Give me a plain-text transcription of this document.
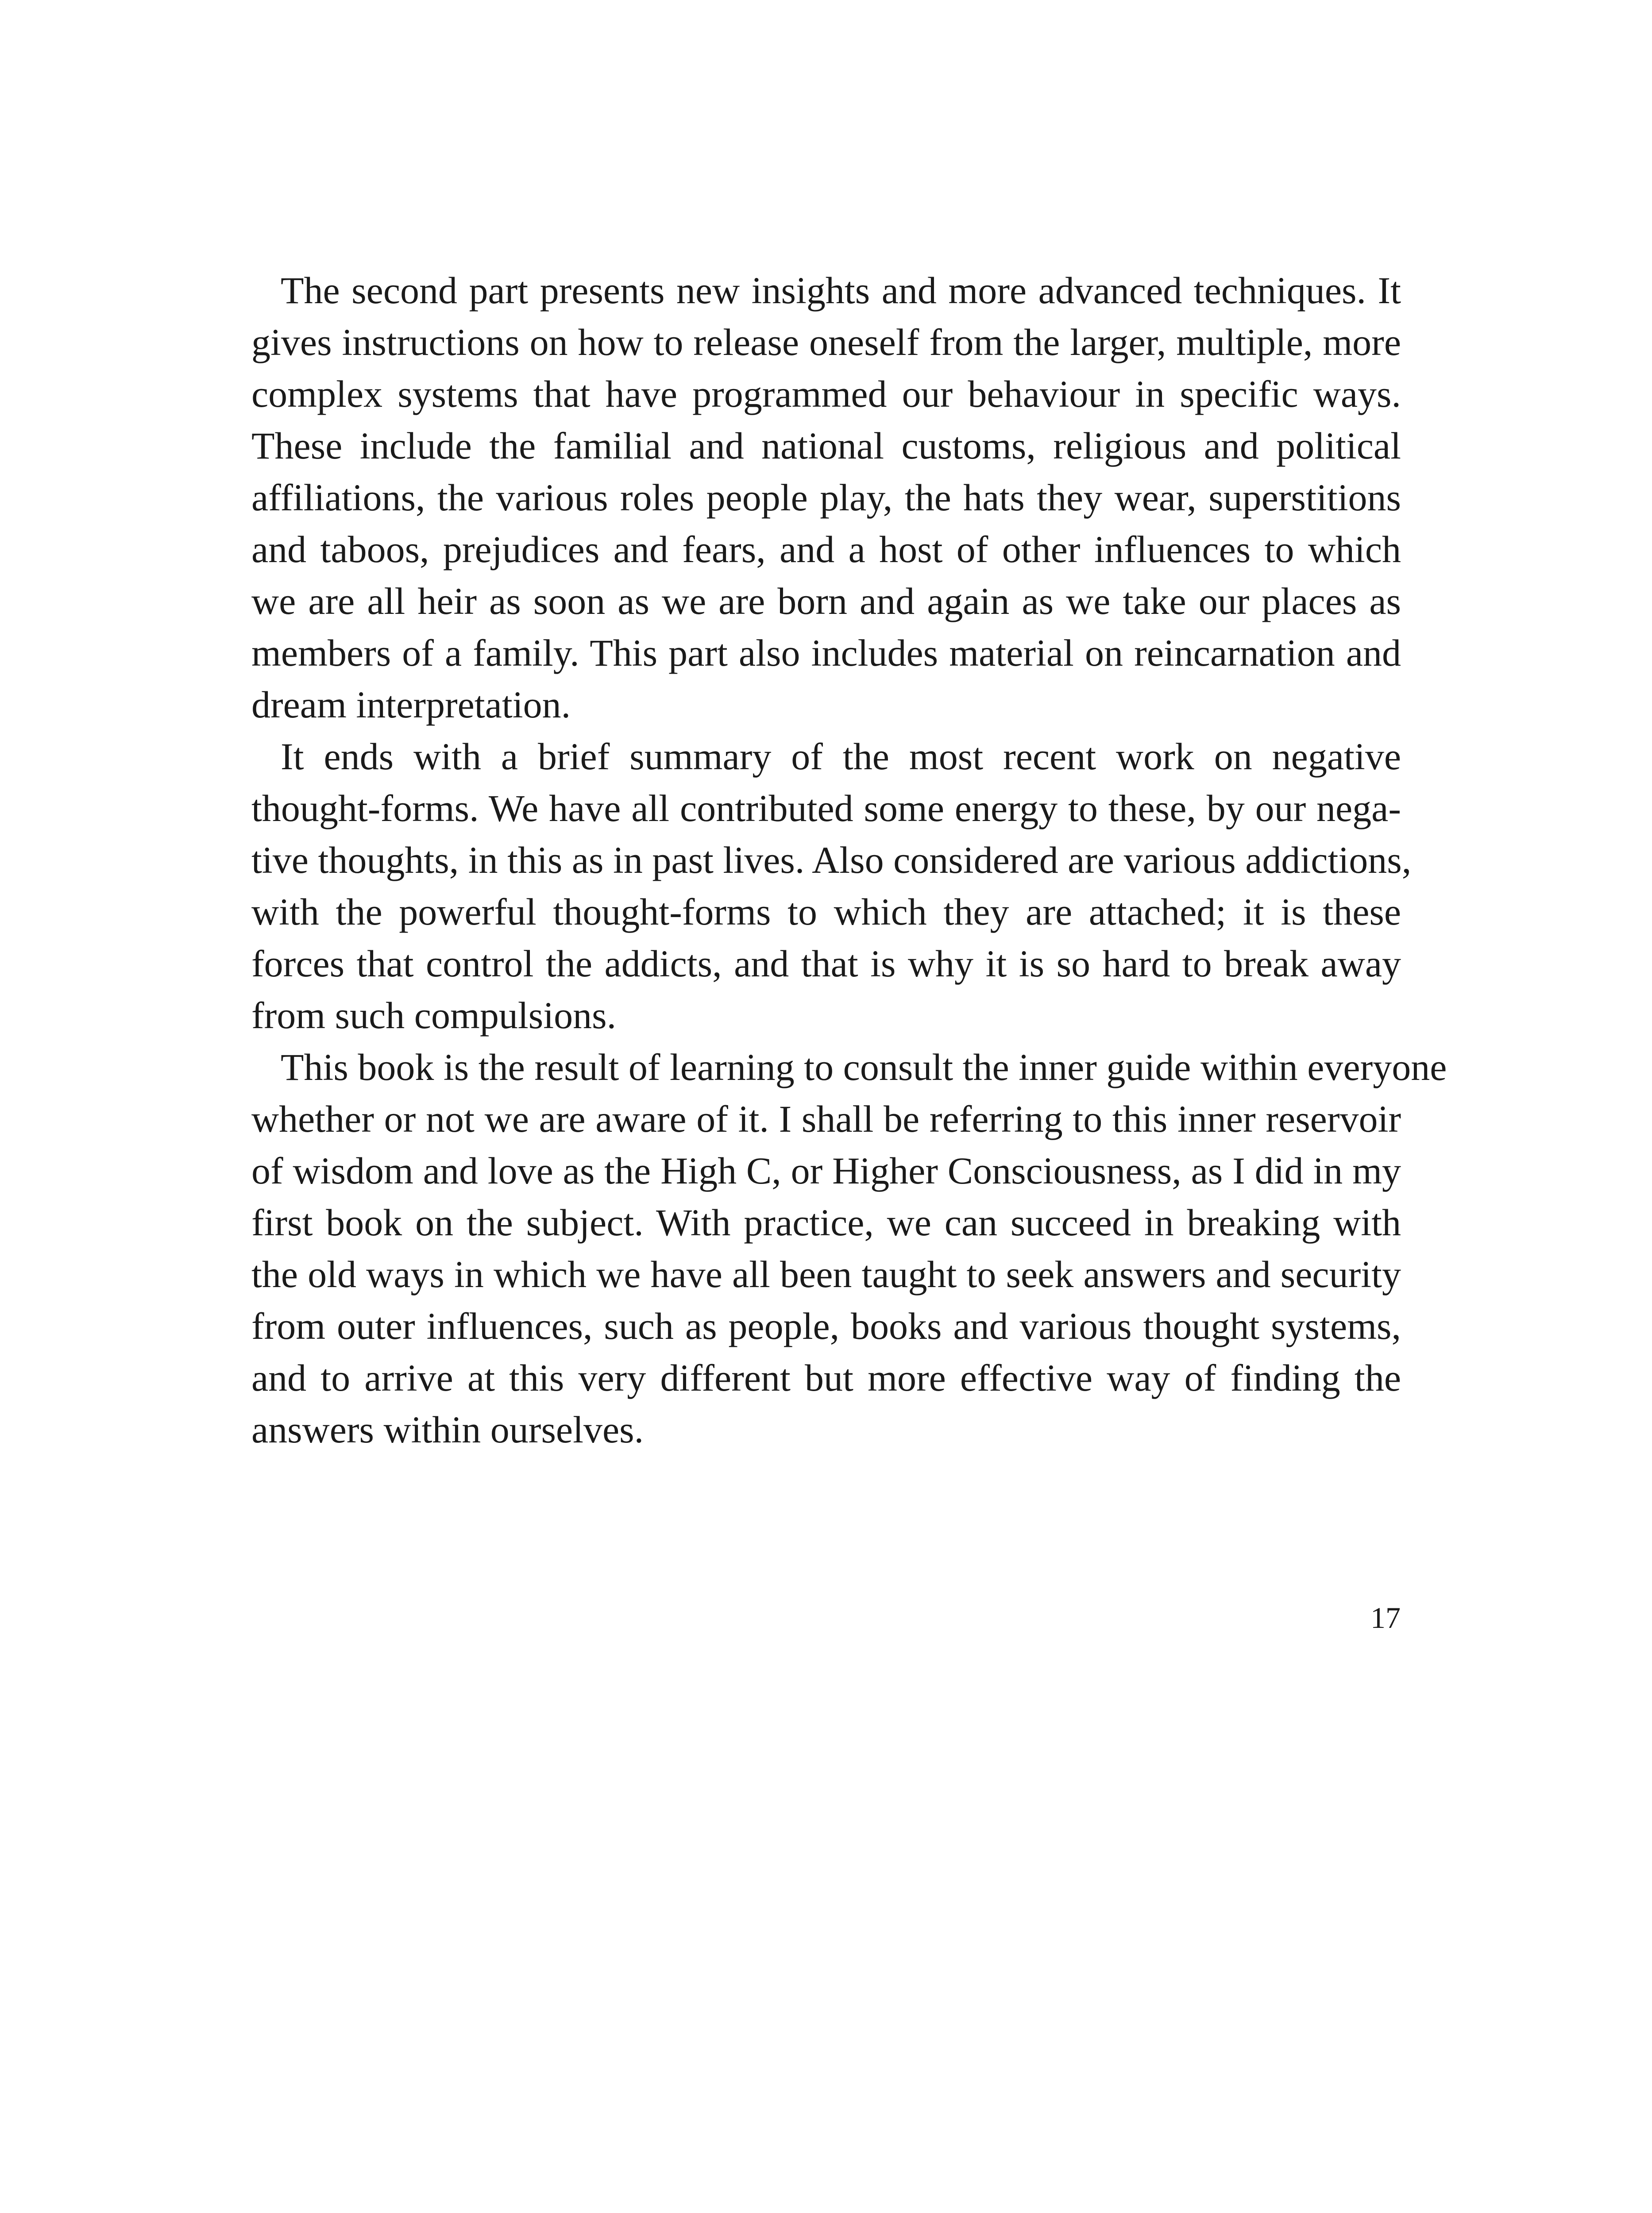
The second part presents new insights and more advanced techniques. It
gives instructions on how to release oneself from the larger, multiple, more
complex systems that have programmed our behaviour in specific ways.
These include the familial and national customs, religious and political
affiliations, the various roles people play, the hats they wear, superstitions
and taboos, prejudices and fears, and a host of other influences to which
we are all heir as soon as we are born and again as we take our places as
members of a family. This part also includes material on reincarnation and
dream interpretation.
It ends with a brief summary of the most recent work on negative
thought-forms. We have all contributed some energy to these, by our nega-
tive thoughts, in this as in past lives. Also considered are various addictions,
with the powerful thought-forms to which they are attached; it is these
forces that control the addicts, and that is why it is so hard to break away
from such compulsions.
This book is the result of learning to consult the inner guide within everyone
whether or not we are aware of it. I shall be referring to this inner reservoir
of wisdom and love as the High C, or Higher Consciousness, as I did in my
first book on the subject. With practice, we can succeed in breaking with
the old ways in which we have all been taught to seek answers and security
from outer influences, such as people, books and various thought systems,
and to arrive at this very different but more effective way of finding the
answers within ourselves.
17
